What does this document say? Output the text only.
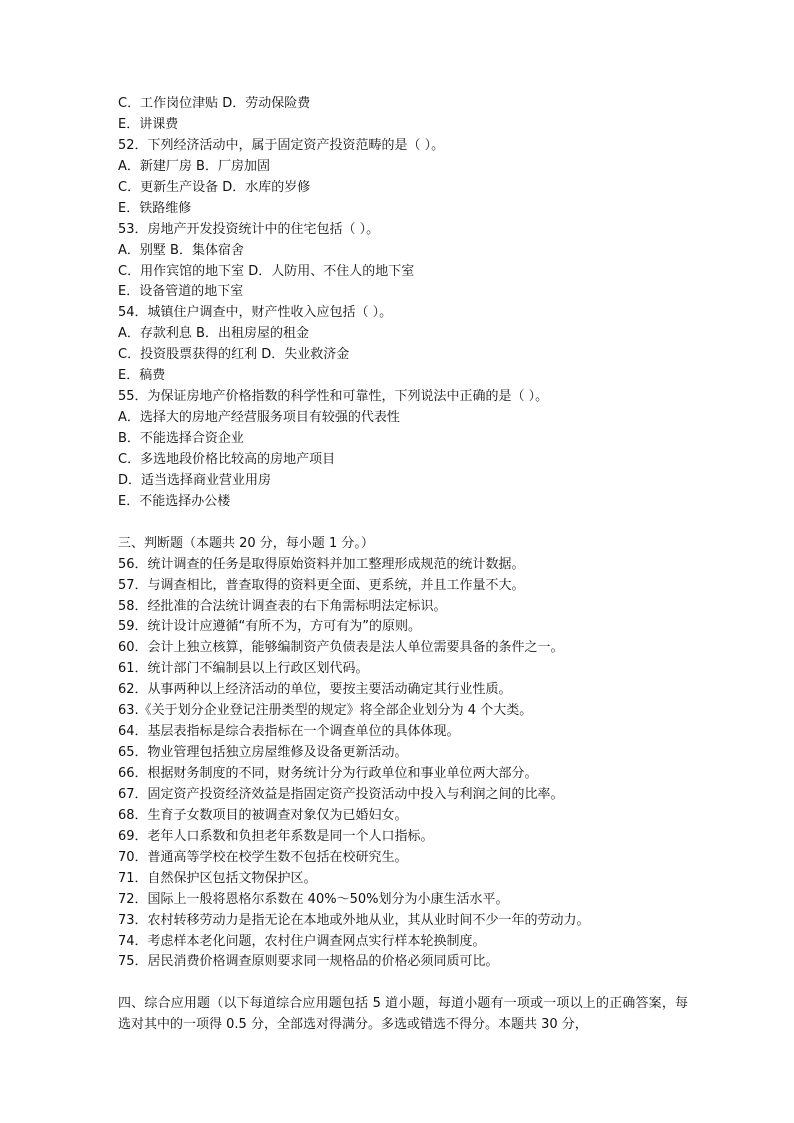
C．工作岗位津贴 D．劳动保险费
E．讲课费
52．下列经济活动中，属于固定资产投资范畴的是（ ）。
A．新建厂房 B．厂房加固
C．更新生产设备 D．水库的岁修
E．铁路维修
53．房地产开发投资统计中的住宅包括（ ）。
A．别墅 B．集体宿舍
C．用作宾馆的地下室 D．人防用、不住人的地下室
E．设备管道的地下室
54．城镇住户调查中，财产性收入应包括（ ）。
A．存款利息 B．出租房屋的租金
C．投资股票获得的红利 D．失业救济金
E．稿费
55．为保证房地产价格指数的科学性和可靠性，下列说法中正确的是（ ）。
A．选择大的房地产经营服务项目有较强的代表性
B．不能选择合资企业
C．多选地段价格比较高的房地产项目
D．适当选择商业营业用房
E．不能选择办公楼
三、判断题（本题共 20 分，每小题 1 分。）
56．统计调查的任务是取得原始资料并加工整理形成规范的统计数据。
57．与调查相比，普查取得的资料更全面、更系统，并且工作量不大。
58．经批准的合法统计调查表的右下角需标明法定标识。
59．统计设计应遵循“有所不为，方可有为”的原则。
60．会计上独立核算，能够编制资产负债表是法人单位需要具备的条件之一。
61．统计部门不编制县以上行政区划代码。
62．从事两种以上经济活动的单位，要按主要活动确定其行业性质。
63.《关于划分企业登记注册类型的规定》将全部企业划分为 4 个大类。
64．基层表指标是综合表指标在一个调查单位的具体体现。
65．物业管理包括独立房屋维修及设备更新活动。
66．根据财务制度的不同，财务统计分为行政单位和事业单位两大部分。
67．固定资产投资经济效益是指固定资产投资活动中投入与利润之间的比率。
68．生育子女数项目的被调查对象仅为已婚妇女。
69．老年人口系数和负担老年系数是同一个人口指标。
70．普通高等学校在校学生数不包括在校研究生。
71．自然保护区包括文物保护区。
72．国际上一般将恩格尔系数在 40%～50%划分为小康生活水平。
73．农村转移劳动力是指无论在本地或外地从业，其从业时间不少一年的劳动力。
74．考虑样本老化问题，农村住户调查网点实行样本轮换制度。
75．居民消费价格调查原则要求同一规格品的价格必须同质可比。
四、综合应用题（以下每道综合应用题包括 5 道小题，每道小题有一项或一项以上的正确答案，每选对其中的一项得 0.5 分，全部选对得满分。多选或错选不得分。本题共 30 分，
